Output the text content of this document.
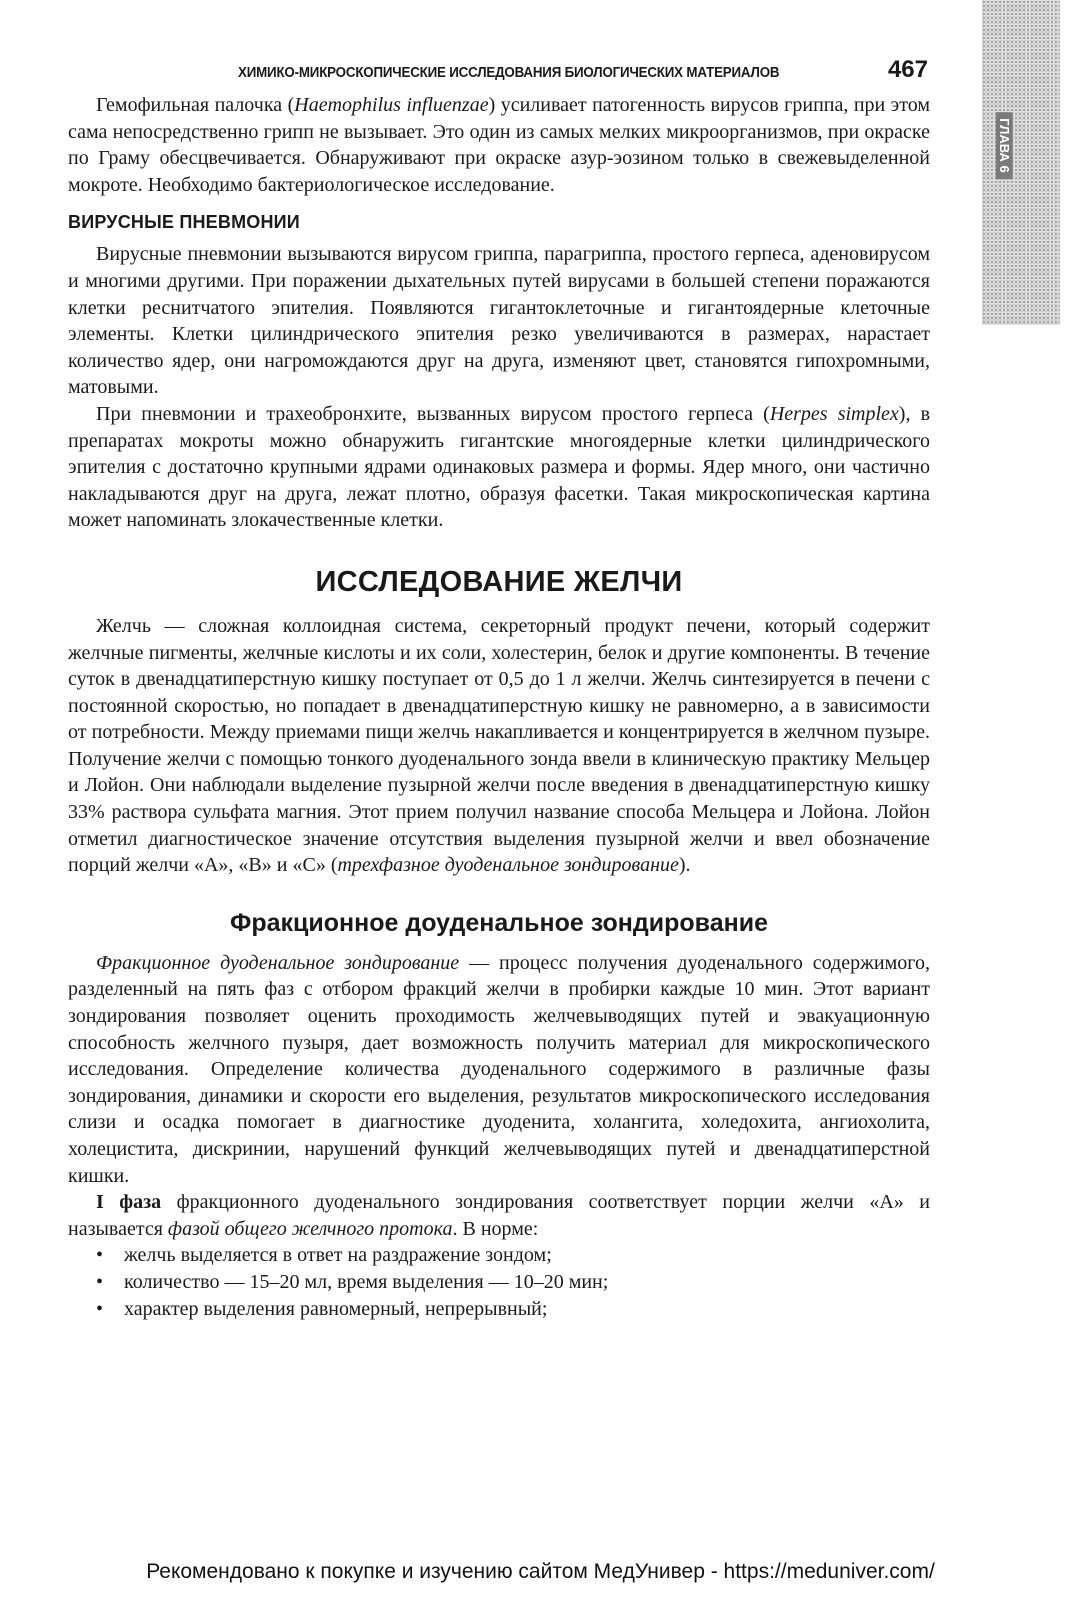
ГЛАВА 6
ХИМИКО-МИКРОСКОПИЧЕСКИЕ ИССЛЕДОВАНИЯ БИОЛОГИЧЕСКИХ МАТЕРИАЛОВ	467

Гемофильная палочка (Haemophilus influenzae) усиливает патогенность вирусов гриппа, при этом сама непосредственно грипп не вызывает. Это один из самых мелких микроорганизмов, при окраске по Граму обесцвечивается. Обнаруживают при окраске азур-эозином только в свежевыделенной мокроте. Необходимо бактериологическое исследование.

ВИРУСНЫЕ ПНЕВМОНИИ

Вирусные пневмонии вызываются вирусом гриппа, парагриппа, простого герпеса, аденовирусом и многими другими. При поражении дыхательных путей вирусами в большей степени поражаются клетки реснитчатого эпителия. Появляются гигантоклеточные и гигантоядерные клеточные элементы. Клетки цилиндрического эпителия резко увеличиваются в размерах, нарастает количество ядер, они нагромождаются друг на друга, изменяют цвет, становятся гипохромными, матовыми.

При пневмонии и трахеобронхите, вызванных вирусом простого герпеса (Herpes simplex), в препаратах мокроты можно обнаружить гигантские многоядерные клетки цилиндрического эпителия с достаточно крупными ядрами одинаковых размера и формы. Ядер много, они частично накладываются друг на друга, лежат плотно, образуя фасетки. Такая микроскопическая картина может напоминать злокачественные клетки.

ИССЛЕДОВАНИЕ ЖЕЛЧИ

Желчь — сложная коллоидная система, секреторный продукт печени, который содержит желчные пигменты, желчные кислоты и их соли, холестерин, белок и другие компоненты. В течение суток в двенадцатиперстную кишку поступает от 0,5 до 1 л желчи. Желчь синтезируется в печени с постоянной скоростью, но попадает в двенадцатиперстную кишку не равномерно, а в зависимости от потребности. Между приемами пищи желчь накапливается и концентрируется в желчном пузыре. Получение желчи с помощью тонкого дуоденального зонда ввели в клиническую практику Мельцер и Лойон. Они наблюдали выделение пузырной желчи после введения в двенадцатиперстную кишку 33% раствора сульфата магния. Этот прием получил название способа Мельцера и Лойона. Лойон отметил диагностическое значение отсутствия выделения пузырной желчи и ввел обозначение порций желчи «А», «В» и «С» (трехфазное дуоденальное зондирование).

Фракционное доуденальное зондирование

Фракционное дуоденальное зондирование — процесс получения дуоденального содержимого, разделенный на пять фаз с отбором фракций желчи в пробирки каждые 10 мин. Этот вариант зондирования позволяет оценить проходимость желчевыводящих путей и эвакуационную способность желчного пузыря, дает возможность получить материал для микроскопического исследования. Определение количества дуоденального содержимого в различные фазы зондирования, динамики и скорости его выделения, результатов микроскопического исследования слизи и осадка помогает в диагностике дуоденита, холангита, холедохита, ангиохолита, холецистита, дискринии, нарушений функций желчевыводящих путей и двенадцатиперстной кишки.

I фаза фракционного дуоденального зондирования соответствует порции желчи «А» и называется фазой общего желчного протока. В норме:

• желчь выделяется в ответ на раздражение зондом;
• количество — 15–20 мл, время выделения — 10–20 мин;
• характер выделения равномерный, непрерывный;
Рекомендовано к покупке и изучению сайтом МедУнивер - https://meduniver.com/
